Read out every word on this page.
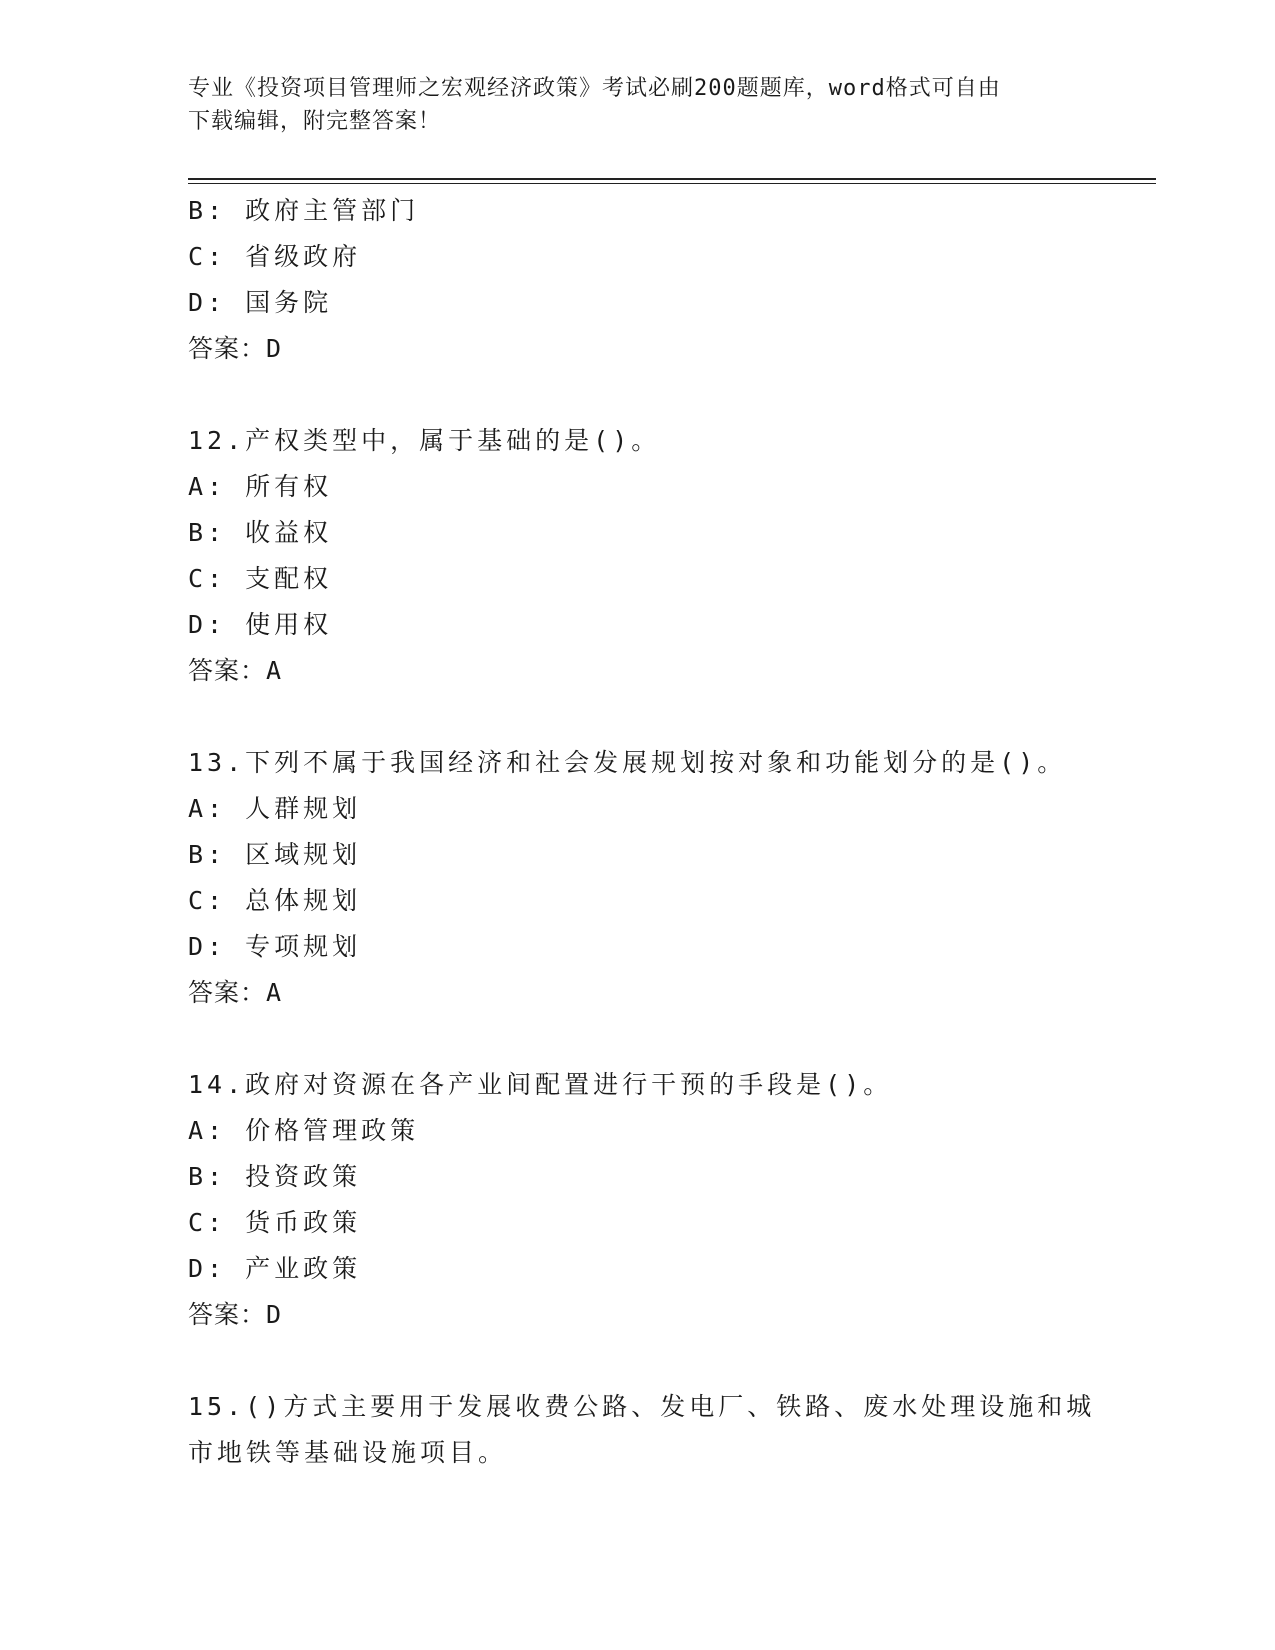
专业《投资项目管理师之宏观经济政策》考试必刷200题题库，word格式可自由
下载编辑，附完整答案！
B: 政府主管部门
C: 省级政府
D: 国务院
答案：D
12.产权类型中，属于基础的是()。
A: 所有权
B: 收益权
C: 支配权
D: 使用权
答案：A
13.下列不属于我国经济和社会发展规划按对象和功能划分的是()。
A: 人群规划
B: 区域规划
C: 总体规划
D: 专项规划
答案：A
14.政府对资源在各产业间配置进行干预的手段是()。
A: 价格管理政策
B: 投资政策
C: 货币政策
D: 产业政策
答案：D
15.()方式主要用于发展收费公路、发电厂、铁路、废水处理设施和城
市地铁等基础设施项目。
